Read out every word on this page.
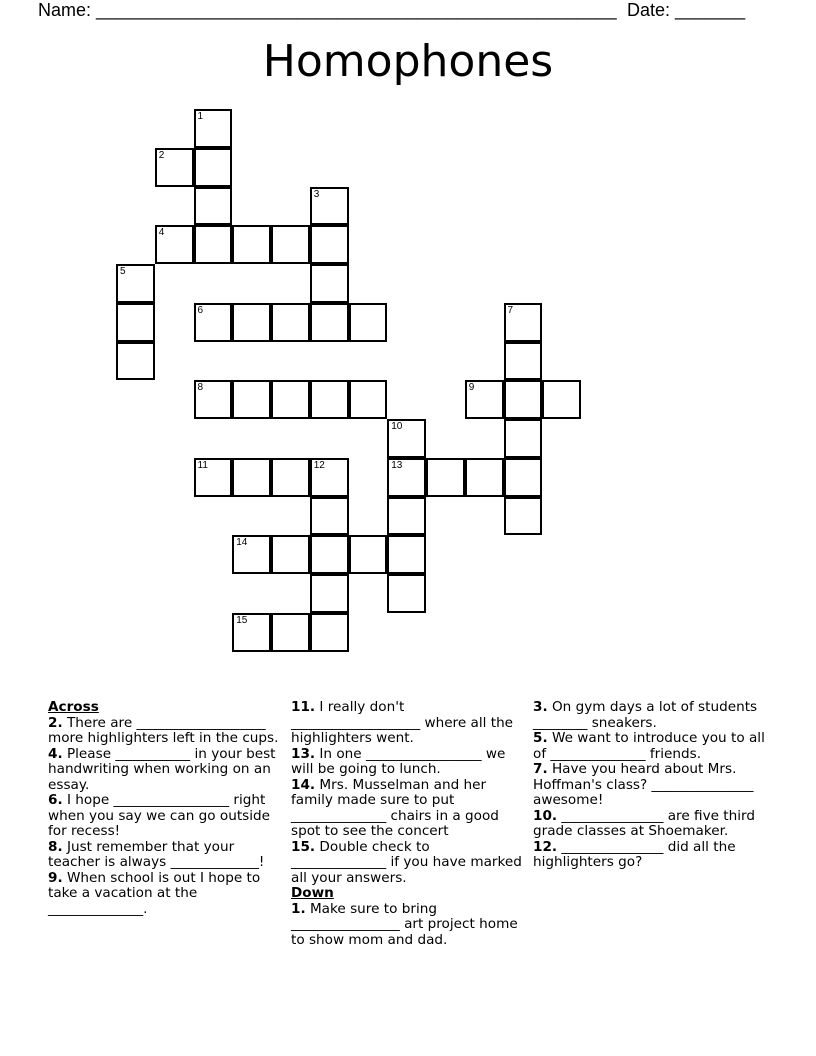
Name: ____________________________________________________ Date: _______
Homophones
2
4
6
8	9
11	12	13
14
15
1
3
5
7
10
Across
2. There are ___________________ more highlighters left in the cups.
4. Please ___________ in your best handwriting when working on an essay.
6. I hope _________________ right when you say we can go outside for recess!
8. Just remember that your teacher is always _____________!
9. When school is out I hope to take a vacation at the ______________.
11. I really don't ___________________ where all the highlighters went.
13. In one _________________ we will be going to lunch.
14. Mrs. Musselman and her family made sure to put ______________ chairs in a good spot to see the concert
15. Double check to ______________ if you have marked all your answers.
Down
1. Make sure to bring ________________ art project home to show mom and dad.
3. On gym days a lot of students ________ sneakers.
5. We want to introduce you to all of ______________ friends.
7. Have you heard about Mrs. Hoffman's class? _______________ awesome!
10. _______________ are five third grade classes at Shoemaker.
12. _______________ did all the highlighters go?
